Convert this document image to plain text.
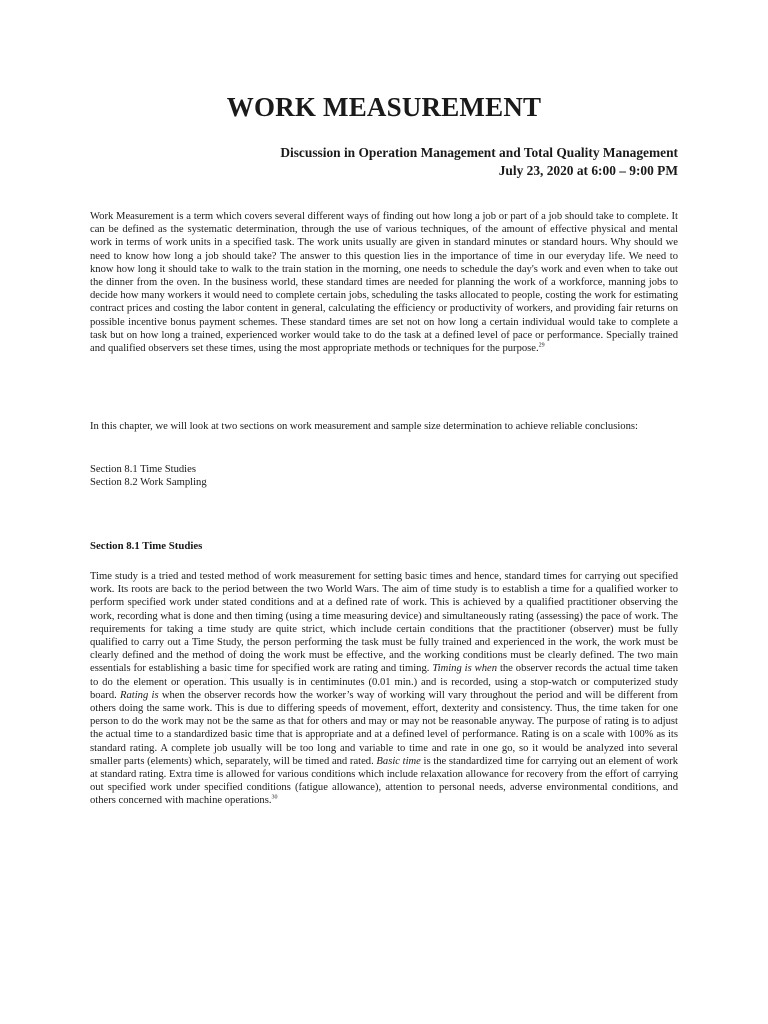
WORK MEASUREMENT
Discussion in Operation Management and Total Quality Management
July 23, 2020 at 6:00 – 9:00 PM

Work Measurement is a term which covers several different ways of finding out how long a job or part of a job should take to complete. It can be defined as the systematic determination, through the use of various techniques, of the amount of effective physical and mental work in terms of work units in a specified task. The work units usually are given in standard minutes or standard hours. Why should we need to know how long a job should take? The answer to this question lies in the importance of time in our everyday life. We need to know how long it should take to walk to the train station in the morning, one needs to schedule the day's work and even when to take out the dinner from the oven. In the business world, these standard times are needed for planning the work of a workforce, manning jobs to decide how many workers it would need to complete certain jobs, scheduling the tasks allocated to people, costing the work for estimating contract prices and costing the labor content in general, calculating the efficiency or productivity of workers, and providing fair returns on possible incentive bonus payment schemes. These standard times are set not on how long a certain individual would take to complete a task but on how long a trained, experienced worker would take to do the task at a defined level of pace or performance. Specially trained and qualified observers set these times, using the most appropriate methods or techniques for the purpose.$^{29}$

In this chapter, we will look at two sections on work measurement and sample size determination to achieve reliable conclusions:

Section 8.1 Time Studies
Section 8.2 Work Sampling
Section 8.1 Time Studies

Time study is a tried and tested method of work measurement for setting basic times and hence, standard times for carrying out specified work. Its roots are back to the period between the two World Wars. The aim of time study is to establish a time for a qualified worker to perform specified work under stated conditions and at a defined rate of work. This is achieved by a qualified practitioner observing the work, recording what is done and then timing (using a time measuring device) and simultaneously rating (assessing) the pace of work. The requirements for taking a time study are quite strict, which include certain conditions that the practitioner (observer) must be fully qualified to carry out a Time Study, the person performing the task must be fully trained and experienced in the work, the work must be clearly defined and the method of doing the work must be effective, and the working conditions must be clearly defined. The two main essentials for establishing a basic time for specified work are rating and timing. Timing is when the observer records the actual time taken to do the element or operation. This usually is in centiminutes (0.01 min.) and is recorded, using a stop-watch or computerized study board. Rating is when the observer records how the worker’s way of working will vary throughout the period and will be different from others doing the same work. This is due to differing speeds of movement, effort, dexterity and consistency. Thus, the time taken for one person to do the work may not be the same as that for others and may or may not be reasonable anyway. The purpose of rating is to adjust the actual time to a standardized basic time that is appropriate and at a defined level of performance. Rating is on a scale with 100% as its standard rating. A complete job usually will be too long and variable to time and rate in one go, so it would be analyzed into several smaller parts (elements) which, separately, will be timed and rated. Basic time is the standardized time for carrying out an element of work at standard rating. Extra time is allowed for various conditions which include relaxation allowance for recovery from the effort of carrying out specified work under specified conditions (fatigue allowance), attention to personal needs, adverse environmental conditions, and others concerned with machine operations.$^{30}$
